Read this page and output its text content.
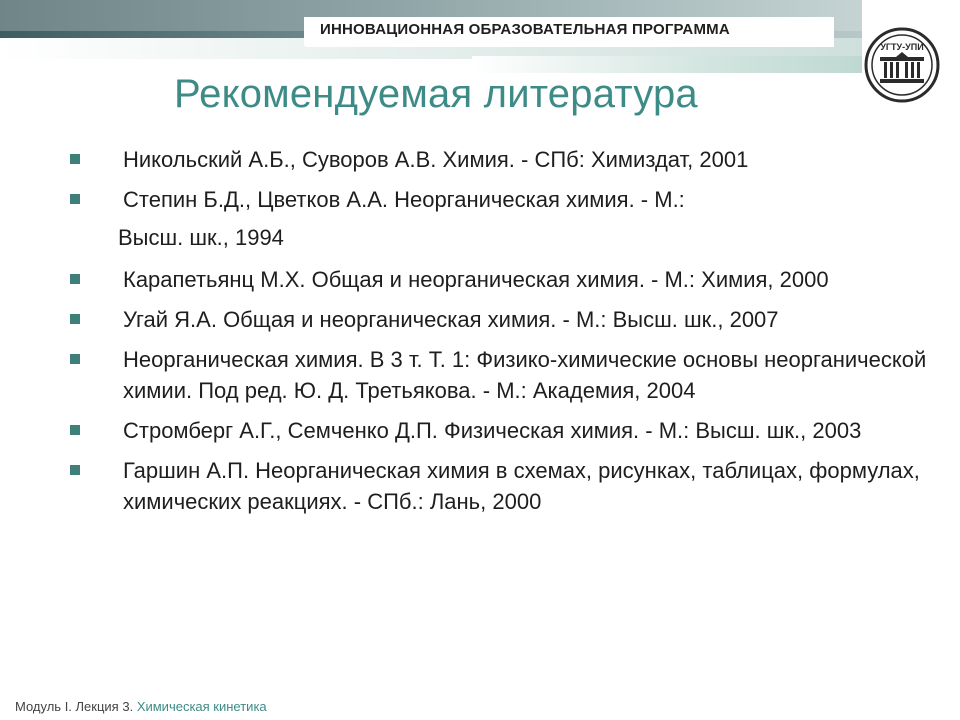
ИННОВАЦИОННАЯ ОБРАЗОВАТЕЛЬНАЯ ПРОГРАММА
УГТУ-УПИ
Рекомендуемая литература
Никольский А.Б., Суворов А.В. Химия. - СПб: Химиздат, 2001
Степин Б.Д., Цветков А.А. Неорганическая химия. - М.:
Карапетьянц М.Х. Общая и неорганическая химия. - М.: Химия, 2000
Угай Я.А. Общая и неорганическая химия. - М.: Высш. шк., 2007
Неорганическая химия. В 3 т. Т. 1: Физико-химические основы неорганической химии. Под ред. Ю. Д. Третьякова. - М.: Академия, 2004
Стромберг А.Г., Семченко Д.П. Физическая химия. - М.: Высш. шк., 2003
Гаршин А.П. Неорганическая химия в схемах, рисунках, таблицах, формулах, химических реакциях. - СПб.: Лань, 2000
Высш. шк., 1994
Модуль I. Лекция 3. Химическая кинетика
